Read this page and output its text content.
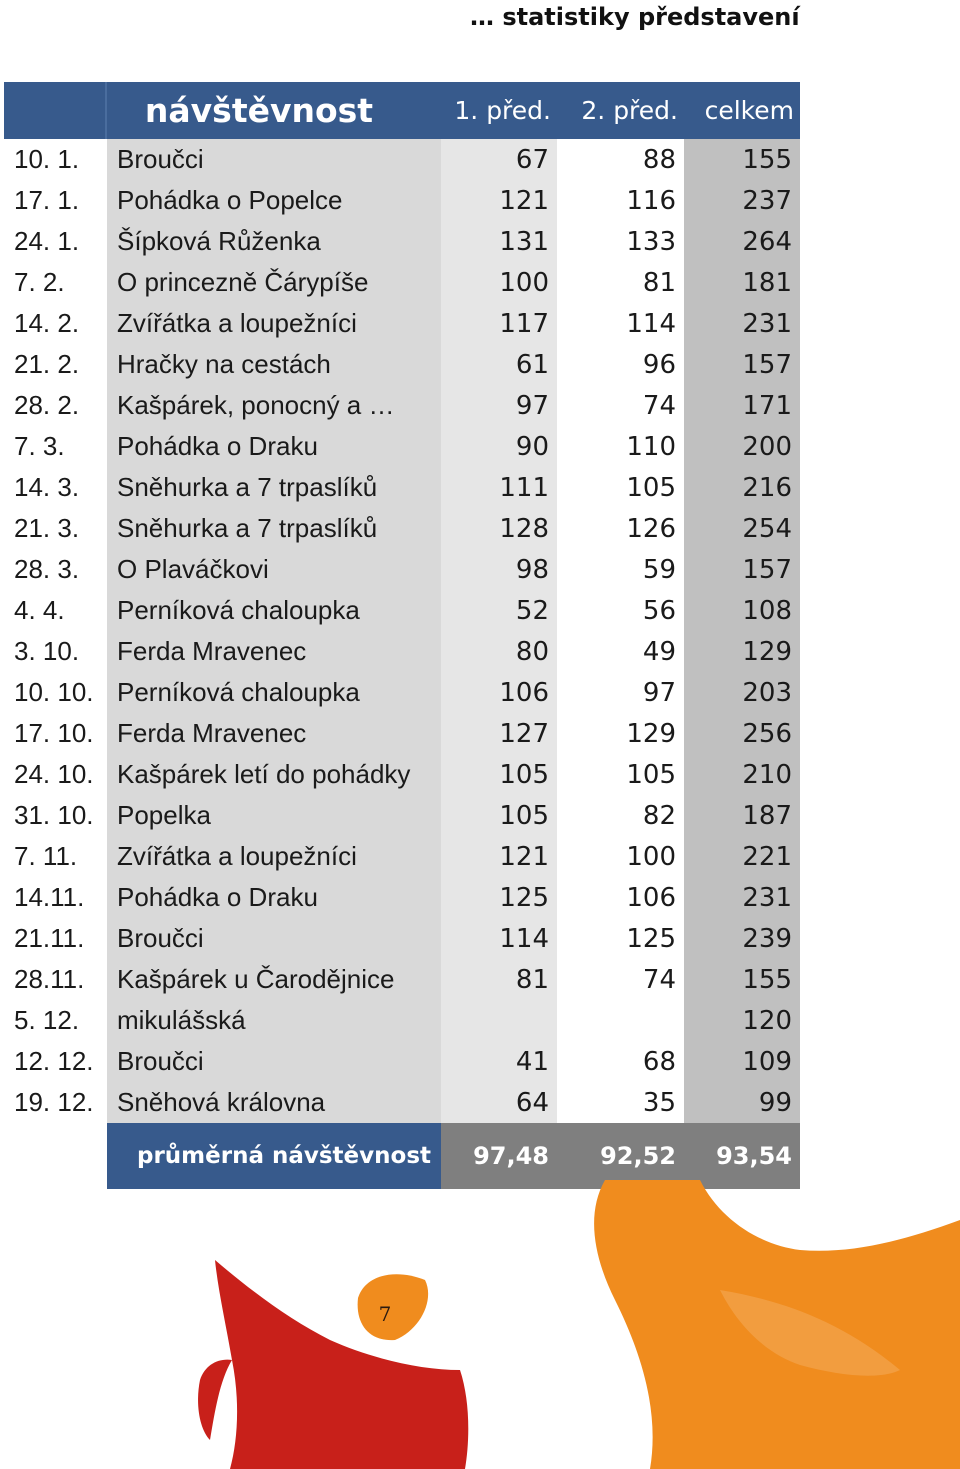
… statistiky představení
	návštěvnost	1. před.	2. před.	celkem
10. 1.	Broučci	67	88	155
17. 1.	Pohádka o Popelce	121	116	237
24. 1.	Šípková Růženka	131	133	264
7. 2.	O princezně Čárypíše	100	81	181
14. 2.	Zvířátka a loupežníci	117	114	231
21. 2.	Hračky na cestách	61	96	157
28. 2.	Kašpárek, ponocný a …	97	74	171
7. 3.	Pohádka o Draku	90	110	200
14. 3.	Sněhurka a 7 trpaslíků	111	105	216
21. 3.	Sněhurka a 7 trpaslíků	128	126	254
28. 3.	O Plaváčkovi	98	59	157
4. 4.	Perníková chaloupka	52	56	108
3. 10.	Ferda Mravenec	80	49	129
10. 10.	Perníková chaloupka	106	97	203
17. 10.	Ferda Mravenec	127	129	256
24. 10.	Kašpárek letí do pohádky	105	105	210
31. 10.	Popelka	105	82	187
7. 11.	Zvířátka a loupežníci	121	100	221
14.11.	Pohádka o Draku	125	106	231
21.11.	Broučci	114	125	239
28.11.	Kašpárek u Čarodějnice	81	74	155
5. 12.	mikulášská			120
12. 12.	Broučci	41	68	109
19. 12.	Sněhová královna	64	35	99
	průměrná návštěvnost	97,48	92,52	93,54
7
